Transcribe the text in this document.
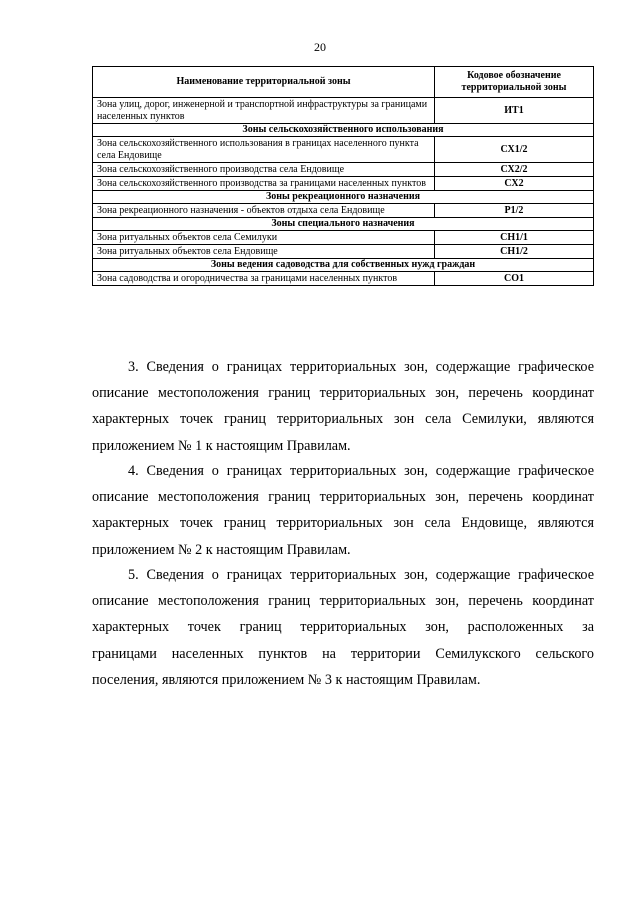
20
Наименование территориальной зоны	Кодовое обозначение территориальной зоны
Зона улиц, дорог, инженерной и транспортной инфраструктуры за границами населенных пунктов	ИТ1
Зоны сельскохозяйственного использования	
Зона сельскохозяйственного использования в границах населенного пункта села Ендовище	СХ1/2
Зона сельскохозяйственного производства села Ендовище	СХ2/2
Зона сельскохозяйственного производства за границами населенных пунктов	СХ2
Зоны рекреационного назначения	
Зона рекреационного назначения - объектов отдыха села Ендовище	Р1/2
Зоны специального назначения	
Зона ритуальных объектов села Семилуки	СН1/1
Зона ритуальных объектов села Ендовище	СН1/2
Зоны ведения садоводства для собственных нужд граждан	
Зона садоводства и огородничества за границами населенных пунктов	СО1
3. Сведения о границах территориальных зон, содержащие графическое
описание местоположения границ территориальных зон, перечень координат
характерных точек границ территориальных зон села Семилуки, являются
приложением № 1 к настоящим Правилам.
4. Сведения о границах территориальных зон, содержащие графическое
описание местоположения границ территориальных зон, перечень координат
характерных точек границ территориальных зон села Ендовище, являются
приложением № 2 к настоящим Правилам.
5. Сведения о границах территориальных зон, содержащие графическое
описание местоположения границ территориальных зон, перечень координат
характерных точек границ территориальных зон, расположенных за
границами населенных пунктов на территории Семилукского сельского
поселения, являются приложением № 3 к настоящим Правилам.
